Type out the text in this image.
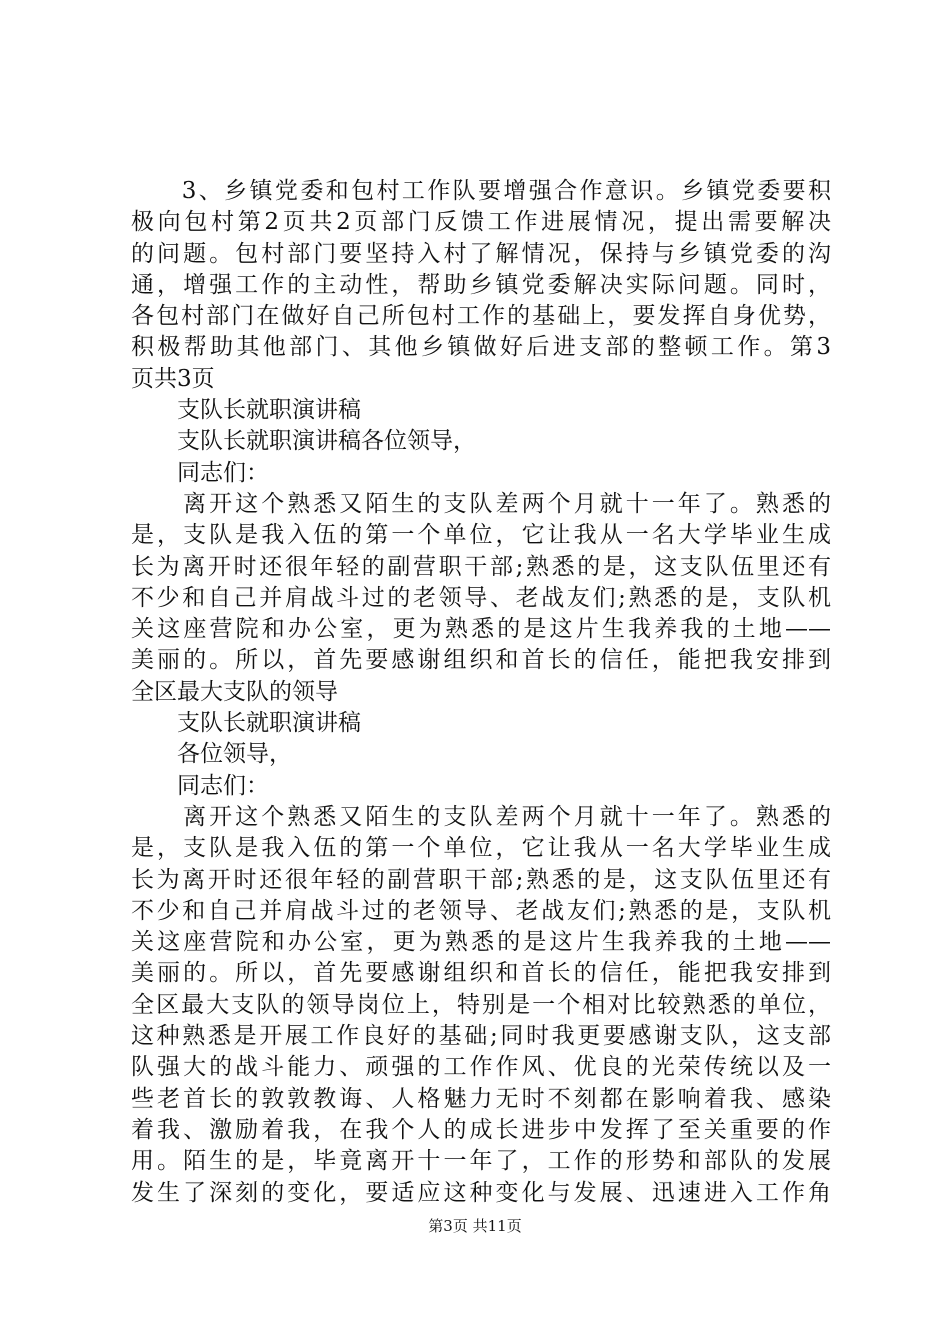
　　3、乡镇党委和包村工作队要增强合作意识。乡镇党委要积
极向包村第2页共2页部门反馈工作进展情况，提出需要解决
的问题。包村部门要坚持入村了解情况，保持与乡镇党委的沟
通，增强工作的主动性，帮助乡镇党委解决实际问题。同时，
各包村部门在做好自己所包村工作的基础上，要发挥自身优势，
积极帮助其他部门、其他乡镇做好后进支部的整顿工作。第3
页共3页
　　支队长就职演讲稿
　　支队长就职演讲稿各位领导，
　　同志们：
　　离开这个熟悉又陌生的支队差两个月就十一年了。熟悉的
是，支队是我入伍的第一个单位，它让我从一名大学毕业生成
长为离开时还很年轻的副营职干部;熟悉的是，这支队伍里还有
不少和自己并肩战斗过的老领导、老战友们;熟悉的是，支队机
关这座营院和办公室，更为熟悉的是这片生我养我的土地——
美丽的。所以，首先要感谢组织和首长的信任，能把我安排到
全区最大支队的领导
　　支队长就职演讲稿
　　各位领导，
　　同志们：
　　离开这个熟悉又陌生的支队差两个月就十一年了。熟悉的
是，支队是我入伍的第一个单位，它让我从一名大学毕业生成
长为离开时还很年轻的副营职干部;熟悉的是，这支队伍里还有
不少和自己并肩战斗过的老领导、老战友们;熟悉的是，支队机
关这座营院和办公室，更为熟悉的是这片生我养我的土地——
美丽的。所以，首先要感谢组织和首长的信任，能把我安排到
全区最大支队的领导岗位上，特别是一个相对比较熟悉的单位，
这种熟悉是开展工作良好的基础;同时我更要感谢支队，这支部
队强大的战斗能力、顽强的工作作风、优良的光荣传统以及一
些老首长的敦敦教诲、人格魅力无时不刻都在影响着我、感染
着我、激励着我，在我个人的成长进步中发挥了至关重要的作
用。陌生的是，毕竟离开十一年了，工作的形势和部队的发展
发生了深刻的变化，要适应这种变化与发展、迅速进入工作角
第3页 共11页
